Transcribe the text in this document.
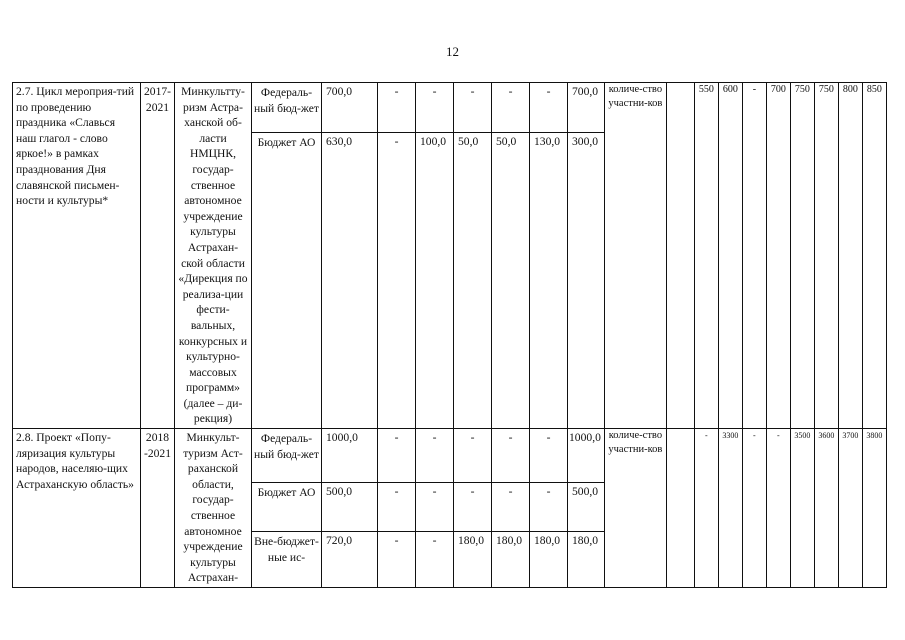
12
2.7. Цикл мероприя-тий по проведению праздника «Славься наш глагол - слово яркое!» в рамках празднования Дня славянской письмен-ности и культуры*	2017-2021	Минкультту-ризм Астра-ханской об-ласти НМЦНК, государ-ственное автономное учреждение культуры Астрахан-ской области «Дирекция по реализа-ции фести-вальных, конкурсных и культурно-массовых программ» (далее – ди-рекция)	Федераль-ный бюд-жет	700,0	-	-	-	-	-	700,0	количе-ство участни-ков		550	600	-	700	750	750	800	850
			Бюджет АО	630,0	-	100,0	50,0	50,0	130,0	300,0										
2.8. Проект «Попу-ляризация культуры народов, населяю-щих Астраханскую область»	2018 -2021	Минкульт-туризм Аст-раханской области, государ-ственное автономное учреждение культуры Астрахан-	Федераль-ный бюд-жет	1000,0	-	-	-	-	-	1000,0	количе-ство участни-ков		-	3300	-	-	3500	3600	3700	3800
			Бюджет АО	500,0	-	-	-	-	-	500,0										
			Вне-бюджет-ные ис-	720,0	-	-	180,0	180,0	180,0	180,0										
